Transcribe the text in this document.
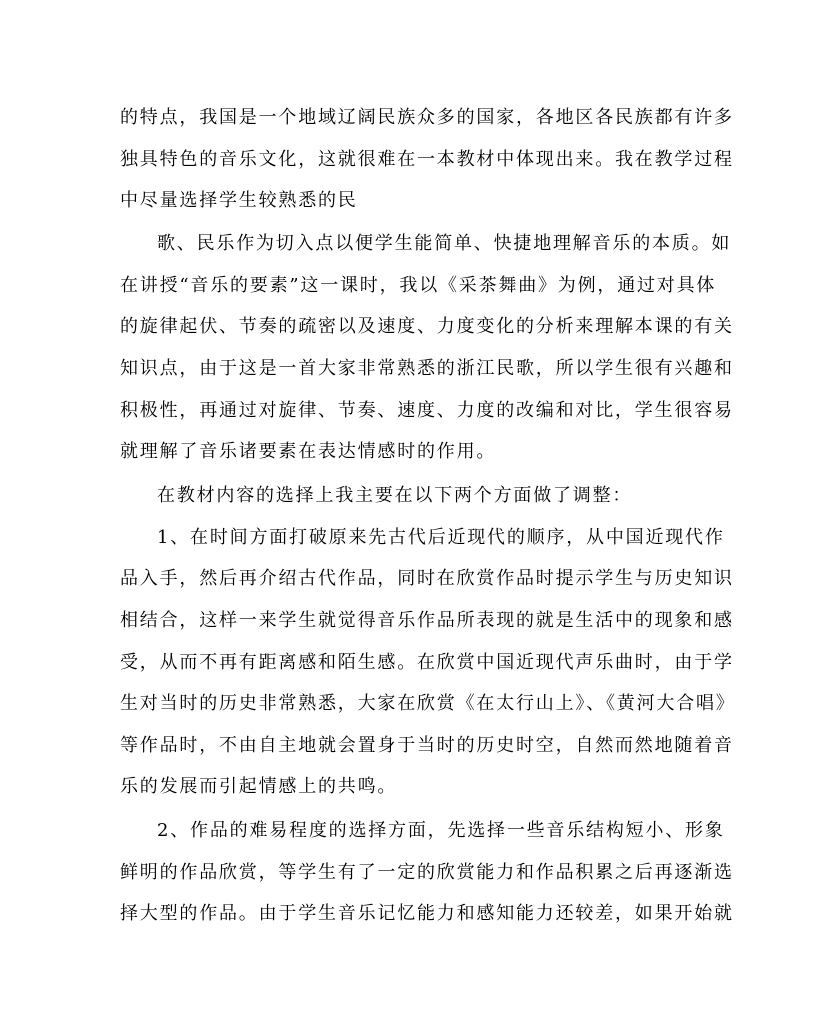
的特点，我国是一个地域辽阔民族众多的国家，各地区各民族都有许多
独具特色的音乐文化，这就很难在一本教材中体现出来。我在教学过程
中尽量选择学生较熟悉的民
歌、民乐作为切入点以便学生能简单、快捷地理解音乐的本质。如
在讲授“音乐的要素”这一课时，我以《采茶舞曲》为例，通过对具体
的旋律起伏、节奏的疏密以及速度、力度变化的分析来理解本课的有关
知识点，由于这是一首大家非常熟悉的浙江民歌，所以学生很有兴趣和
积极性，再通过对旋律、节奏、速度、力度的改编和对比，学生很容易
就理解了音乐诸要素在表达情感时的作用。
在教材内容的选择上我主要在以下两个方面做了调整：
1、在时间方面打破原来先古代后近现代的顺序，从中国近现代作
品入手，然后再介绍古代作品，同时在欣赏作品时提示学生与历史知识
相结合，这样一来学生就觉得音乐作品所表现的就是生活中的现象和感
受，从而不再有距离感和陌生感。在欣赏中国近现代声乐曲时，由于学
生对当时的历史非常熟悉，大家在欣赏《在太行山上》、《黄河大合唱》
等作品时，不由自主地就会置身于当时的历史时空，自然而然地随着音
乐的发展而引起情感上的共鸣。
2、作品的难易程度的选择方面，先选择一些音乐结构短小、形象
鲜明的作品欣赏，等学生有了一定的欣赏能力和作品积累之后再逐渐选
择大型的作品。由于学生音乐记忆能力和感知能力还较差，如果开始就
